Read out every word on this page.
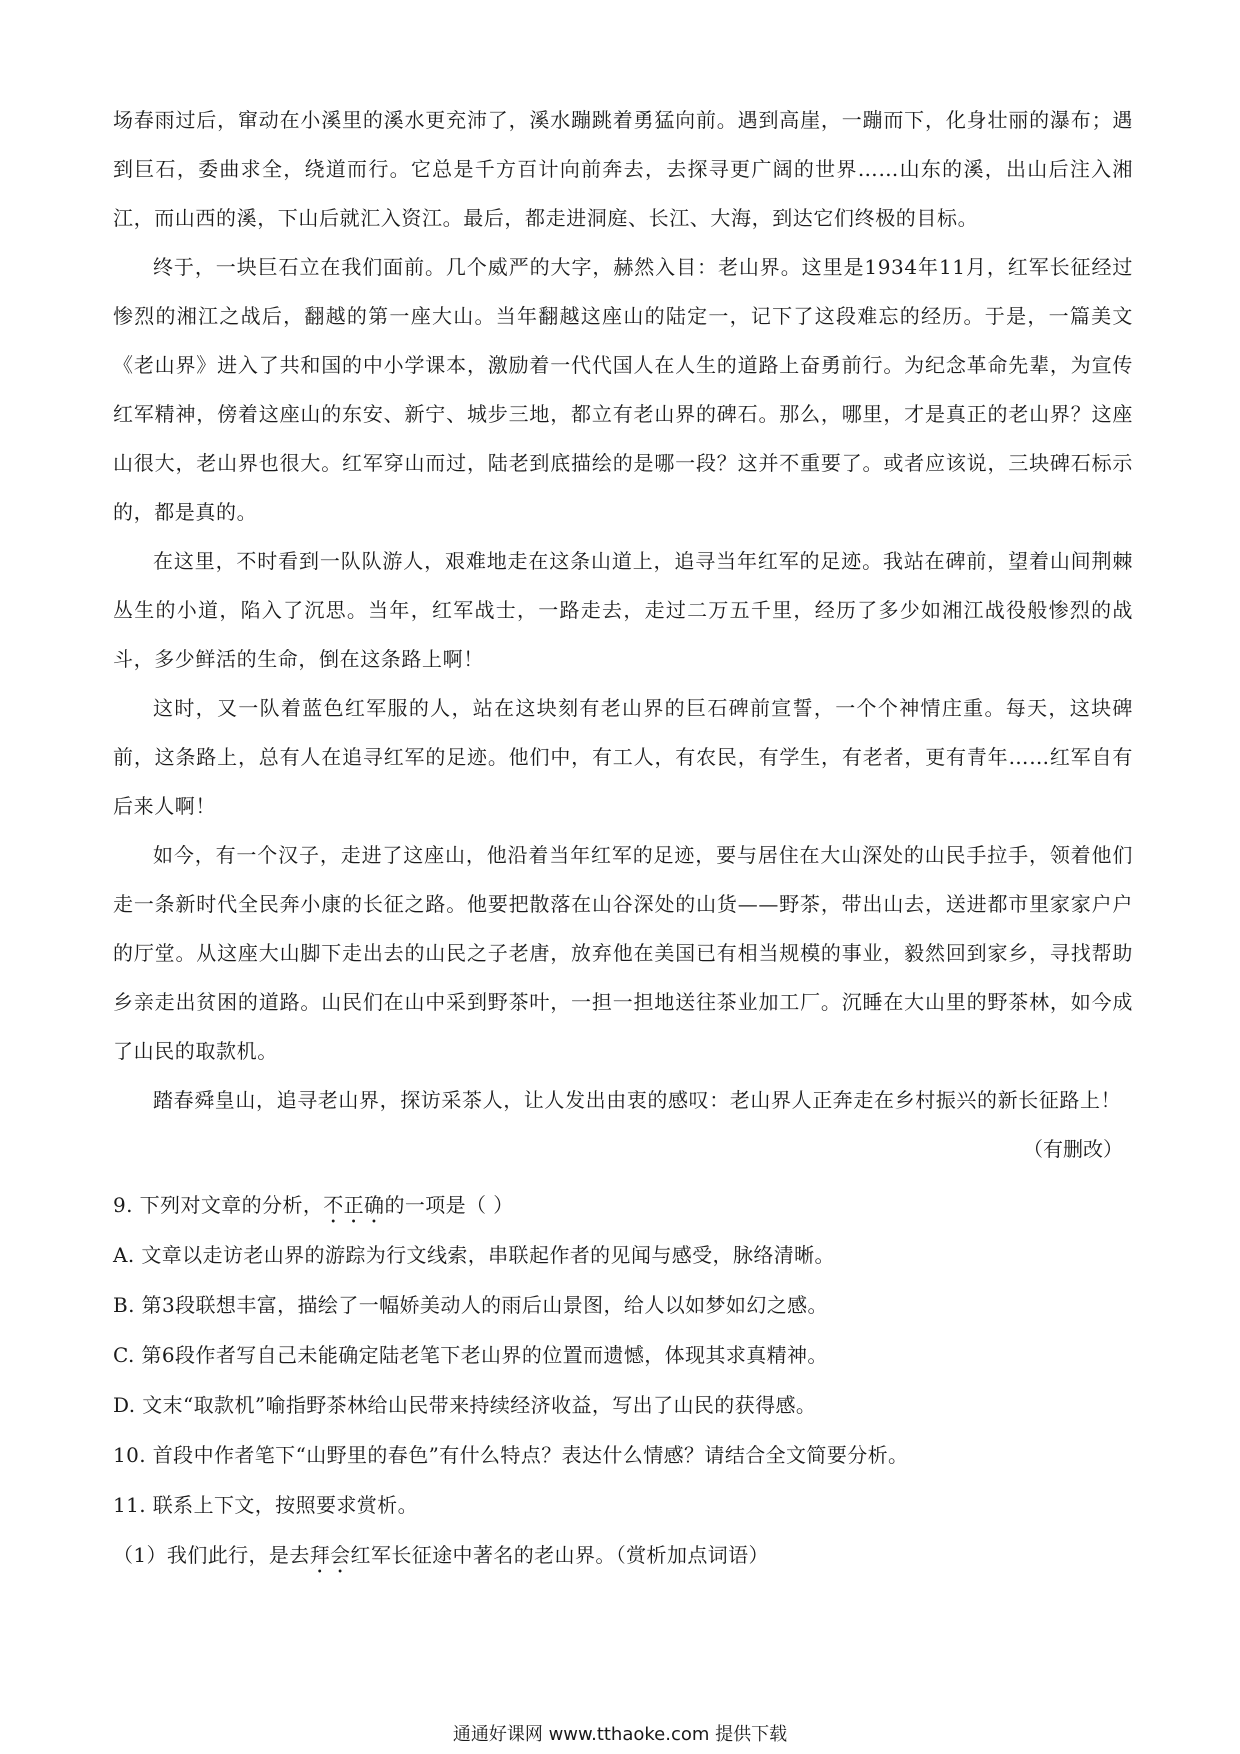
场春雨过后，窜动在小溪里的溪水更充沛了，溪水蹦跳着勇猛向前。遇到高崖，一蹦而下，化身壮丽的瀑布；遇到巨石，委曲求全，绕道而行。它总是千方百计向前奔去，去探寻更广阔的世界……山东的溪，出山后注入湘江，而山西的溪，下山后就汇入资江。最后，都走进洞庭、长江、大海，到达它们终极的目标。

终于，一块巨石立在我们面前。几个威严的大字，赫然入目：老山界。这里是1934年11月，红军长征经过惨烈的湘江之战后，翻越的第一座大山。当年翻越这座山的陆定一，记下了这段难忘的经历。于是，一篇美文《老山界》进入了共和国的中小学课本，激励着一代代国人在人生的道路上奋勇前行。为纪念革命先辈，为宣传红军精神，傍着这座山的东安、新宁、城步三地，都立有老山界的碑石。那么，哪里，才是真正的老山界？这座山很大，老山界也很大。红军穿山而过，陆老到底描绘的是哪一段？这并不重要了。或者应该说，三块碑石标示的，都是真的。

在这里，不时看到一队队游人，艰难地走在这条山道上，追寻当年红军的足迹。我站在碑前，望着山间荆棘丛生的小道，陷入了沉思。当年，红军战士，一路走去，走过二万五千里，经历了多少如湘江战役般惨烈的战斗，多少鲜活的生命，倒在这条路上啊！

这时，又一队着蓝色红军服的人，站在这块刻有老山界的巨石碑前宣誓，一个个神情庄重。每天，这块碑前，这条路上，总有人在追寻红军的足迹。他们中，有工人，有农民，有学生，有老者，更有青年……红军自有后来人啊！

如今，有一个汉子，走进了这座山，他沿着当年红军的足迹，要与居住在大山深处的山民手拉手，领着他们走一条新时代全民奔小康的长征之路。他要把散落在山谷深处的山货——野茶，带出山去，送进都市里家家户户的厅堂。从这座大山脚下走出去的山民之子老唐，放弃他在美国已有相当规模的事业，毅然回到家乡，寻找帮助乡亲走出贫困的道路。山民们在山中采到野茶叶，一担一担地送往茶业加工厂。沉睡在大山里的野茶林，如今成了山民的取款机。

踏春舜皇山，追寻老山界，探访采茶人，让人发出由衷的感叹：老山界人正奔走在乡村振兴的新长征路上！

（有删改）

9. 下列对文章的分析，不正确的一项是（ ）

A. 文章以走访老山界的游踪为行文线索，串联起作者的见闻与感受，脉络清晰。

B. 第3段联想丰富，描绘了一幅娇美动人的雨后山景图，给人以如梦如幻之感。

C. 第6段作者写自己未能确定陆老笔下老山界的位置而遗憾，体现其求真精神。

D. 文末“取款机”喻指野茶林给山民带来持续经济收益，写出了山民的获得感。

10. 首段中作者笔下“山野里的春色”有什么特点？表达什么情感？请结合全文简要分析。

11. 联系上下文，按照要求赏析。

（1）我们此行，是去拜会红军长征途中著名的老山界。（赏析加点词语）

通通好课网 www.tthaoke.com 提供下载
